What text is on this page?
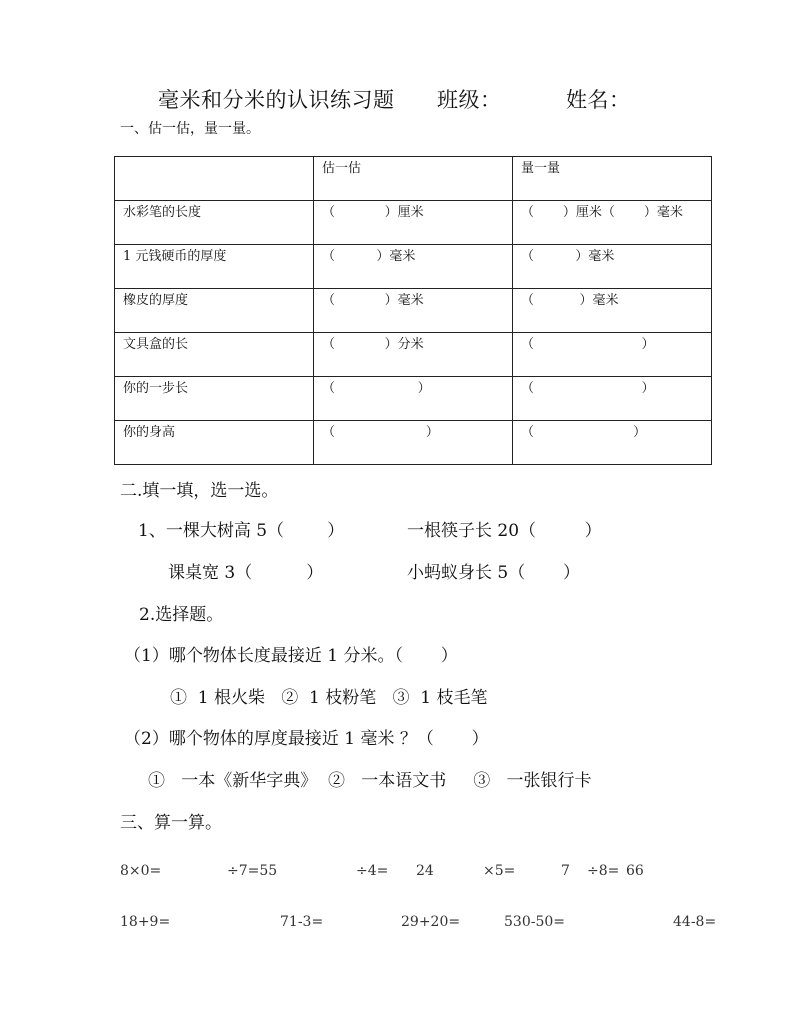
毫米和分米的认识练习题 班级：	姓名：
一、估一估，量一量。
	估一估	量一量
水彩笔的长度	（            ）厘米	（       ）厘米（       ）毫米
1 元钱硬币的厚度	（          ）毫米	（          ）毫米
橡皮的厚度	（            ）毫米	（           ）毫米
文具盒的长	（            ）分米	（                          ）
你的一步长	（                    ）	（                          ）
你的身高	（                      ）	（                        ）
二.填一填，选一选。
1、一棵大树高 5（        ）	一根筷子长 20（         ）
课桌宽 3（          ）	小蚂蚁身长 5（       ）
2.选择题。
（1）哪个物体长度最接近 1 分米。（       ）
①  1 根火柴   ②  1 枝粉笔   ③  1 枝毛笔
（2）哪个物体的厚度最接近 1 毫米 ？（       ）
①   一本《新华字典》  ②   一本语文书     ③   一张银行卡
三、算一算。
8×0=	÷7=55	÷4= 24	×5=	7 ÷8= 66
18+9=	71-3=	29+20=	530-50=	44-8=
